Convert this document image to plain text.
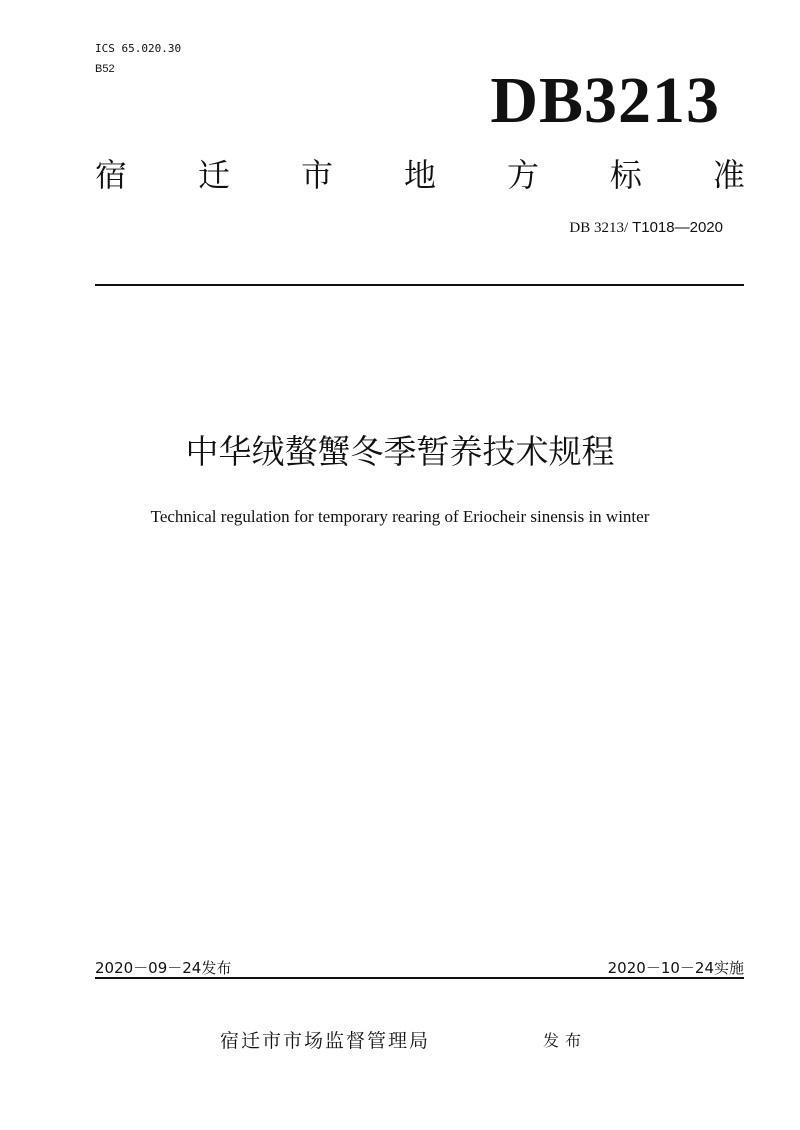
ICS 65.020.30
B52	DB3213
宿 迁 市 地 方 标 准
DB 3213/ T1018—2020
中华绒螯蟹冬季暂养技术规程
Technical regulation for temporary rearing of Eriocheir sinensis in winter
2020－09－24发布	2020－10－24实施
宿迁市市场监督管理局	发布
